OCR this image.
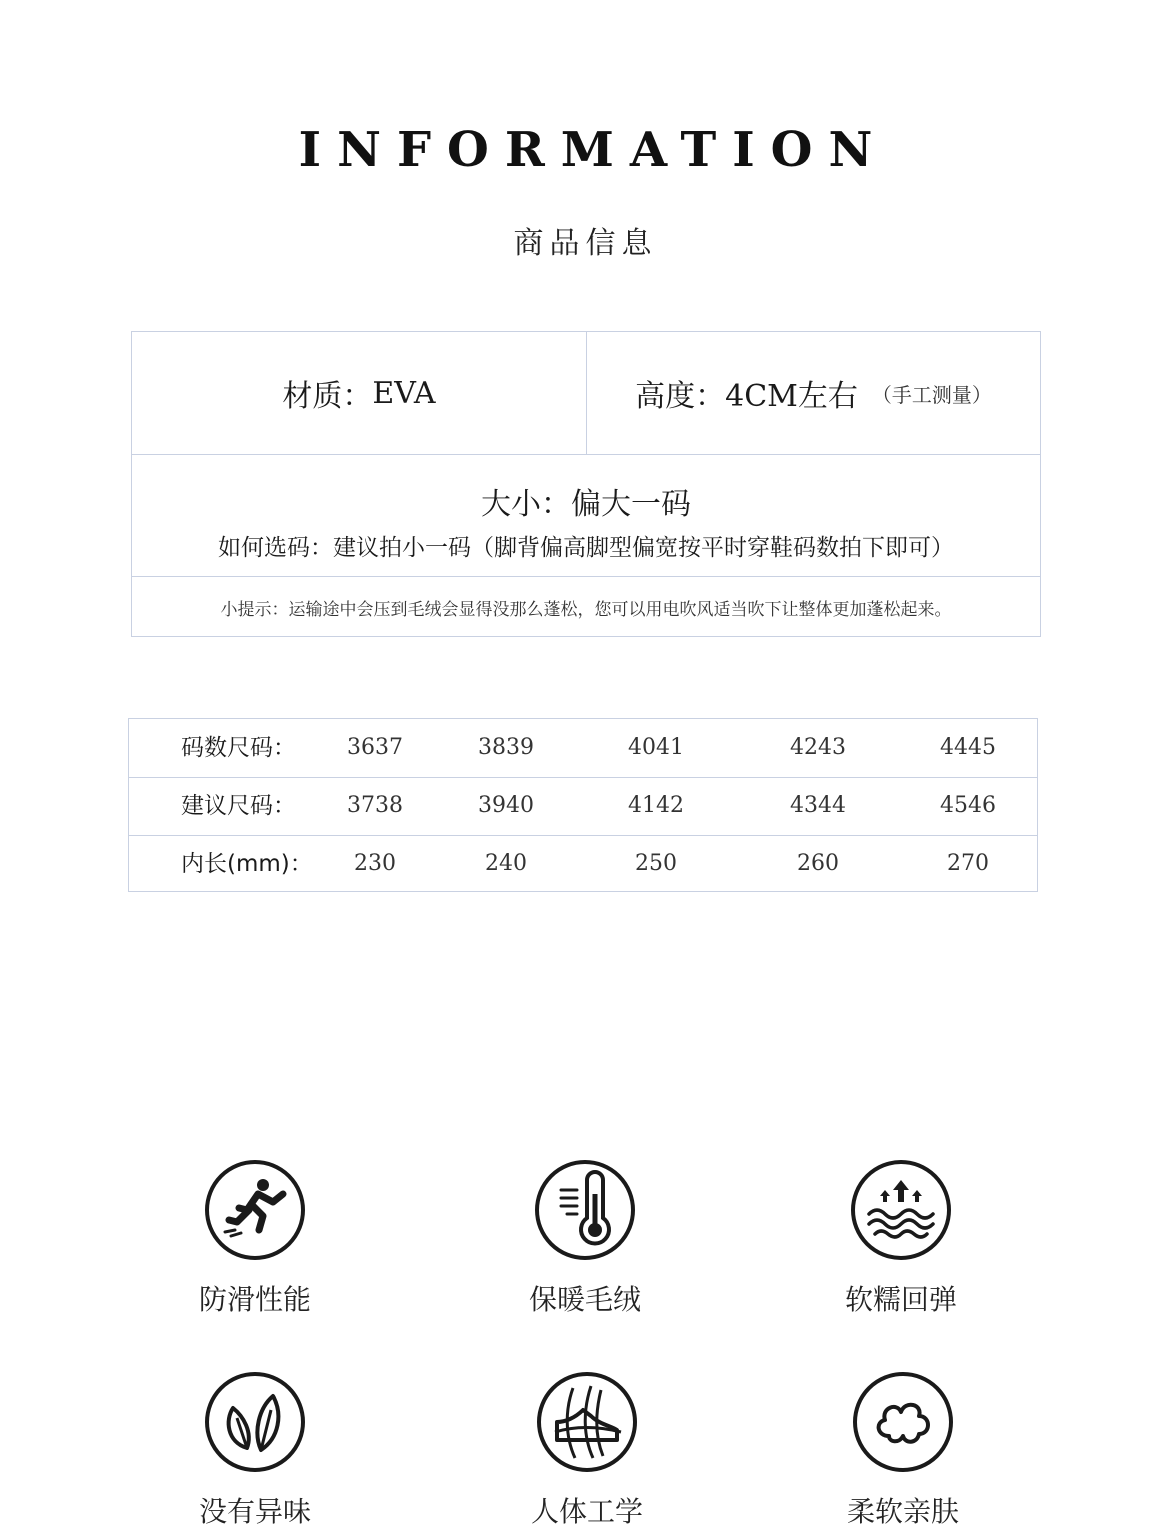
INFORMATION
商品信息
材质： EVA	高度： 4CM左右 （手工测量）
大小：偏大一码
如何选码：建议拍小一码（脚背偏高脚型偏宽按平时穿鞋码数拍下即可）
小提示：运输途中会压到毛绒会显得没那么蓬松，您可以用电吹风适当吹下让整体更加蓬松起来。
码数尺码：	3637	3839	4041	4243	4445
建议尺码：	3738	3940	4142	4344	4546
内长(mm)：	230	240	250	260	270
防滑性能	保暖毛绒	软糯回弹
没有异味	人体工学	柔软亲肤
